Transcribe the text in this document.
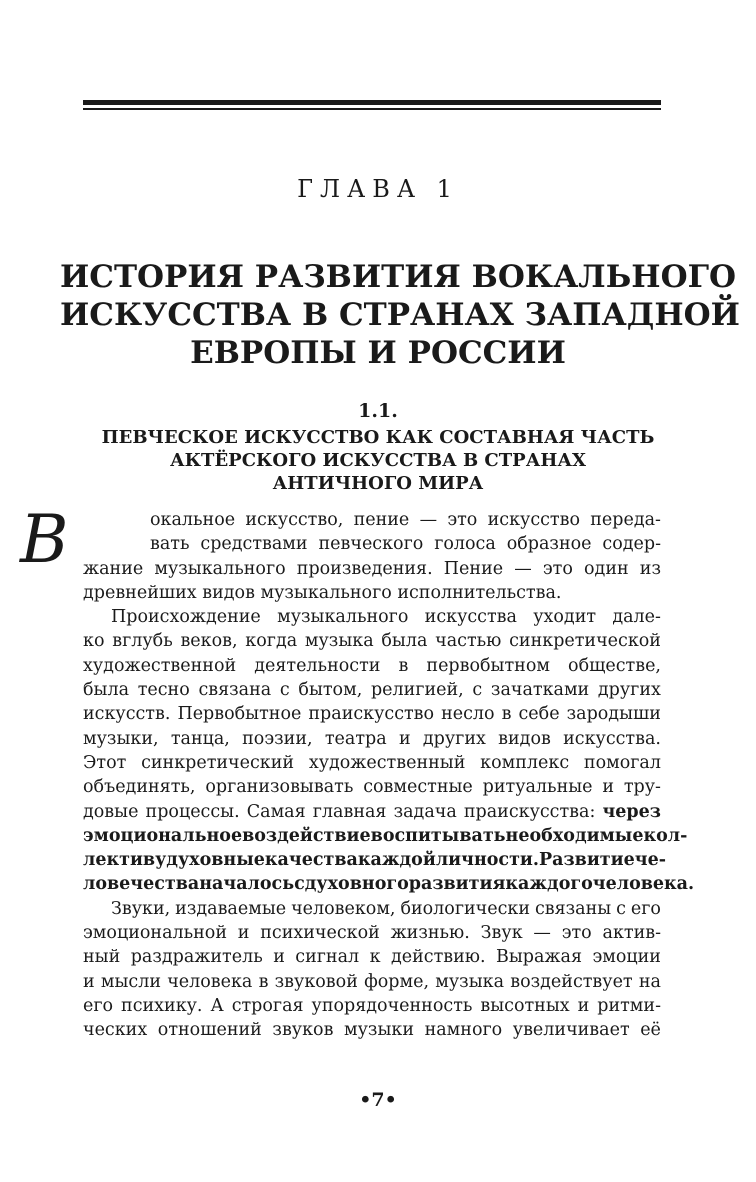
ГЛАВА 1
ИСТОРИЯ РАЗВИТИЯ ВОКАЛЬНОГО
ИСКУССТВА В СТРАНАХ ЗАПАДНОЙ
ЕВРОПЫ И РОССИИ
1.1.
ПЕВЧЕСКОЕ ИСКУССТВО КАК СОСТАВНАЯ ЧАСТЬ
АКТЁРСКОГО ИСКУССТВА В СТРАНАХ
АНТИЧНОГО МИРА
В	окальное искусство, пение — это искусство переда-
вать средствами певческого голоса образное содер-
жание музыкального произведения. Пение — это один из
древнейших видов музыкального исполнительства.
Происхождение музыкального искусства уходит дале-
ко вглубь веков, когда музыка была частью синкретической
художественной деятельности в первобытном обществе,
была тесно связана с бытом, религией, с зачатками других
искусств. Первобытное праискусство несло в себе зародыши
музыки, танца, поэзии, театра и других видов искусства.
Этот синкретический художественный комплекс помогал
объединять, организовывать совместные ритуальные и тру-
довые процессы. Самая главная задача праискусства: через
эмоциональное воздействие воспитывать необходимые кол-
лективу духовные качества каждой личности. Развитие че-
ловечества началось с духовного развития каждого человека.
Звуки, издаваемые человеком, биологически связаны с его
эмоциональной и психической жизнью. Звук — это актив-
ный раздражитель и сигнал к действию. Выражая эмоции
и мысли человека в звуковой форме, музыка воздействует на
его психику. А строгая упорядоченность высотных и ритми-
ческих отношений звуков музыки намного увеличивает её
•7•
